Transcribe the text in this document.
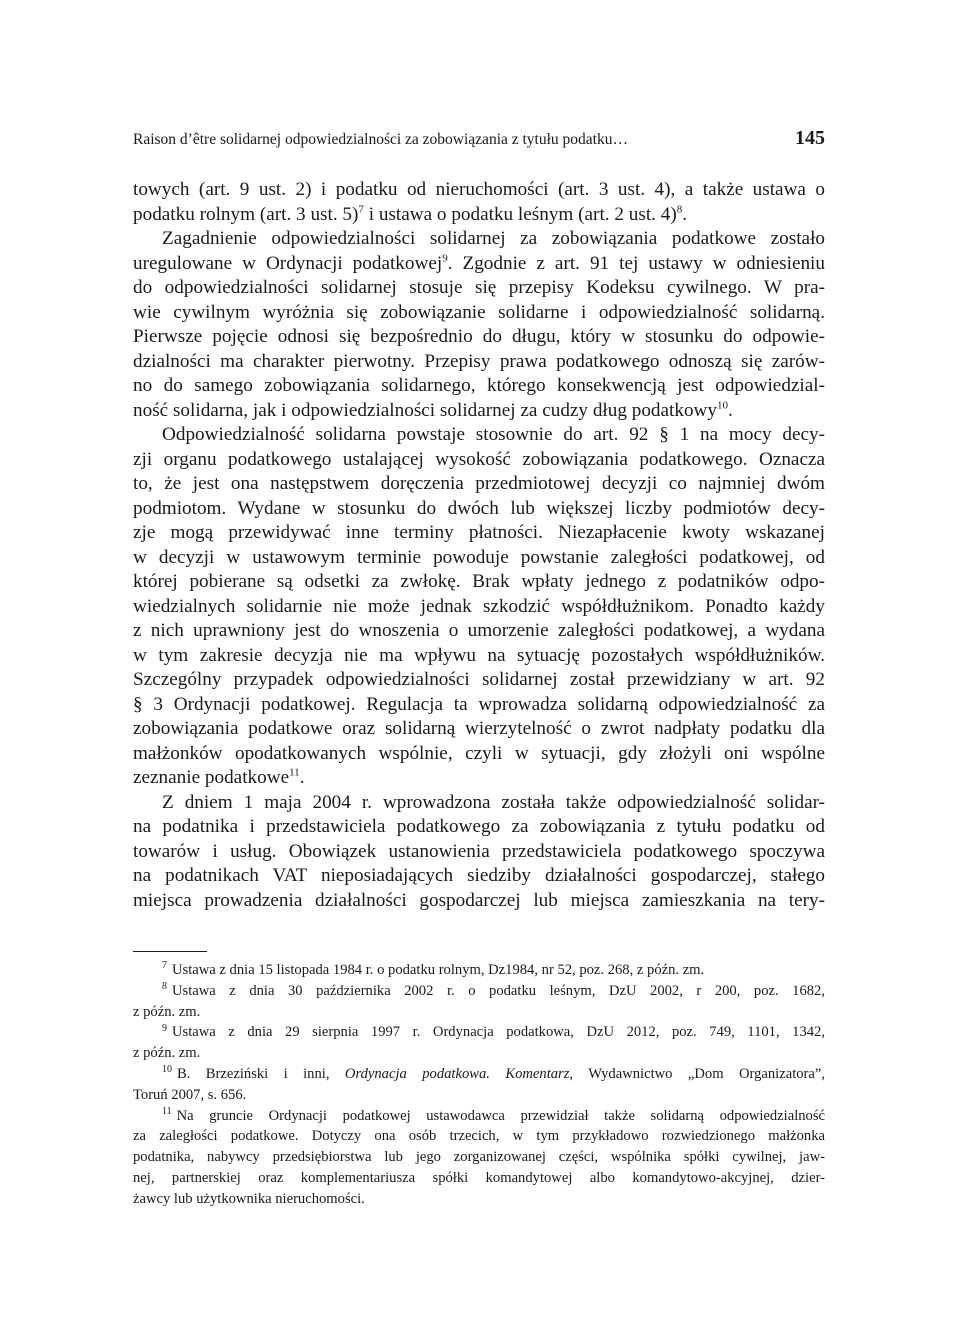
Raison d’être solidarnej odpowiedzialności za zobowiązania z tytułu podatku…	145
towych (art. 9 ust. 2) i podatku od nieruchomości (art. 3 ust. 4), a także ustawa o
podatku rolnym (art. 3 ust. 5)$^7$ i ustawa o podatku leśnym (art. 2 ust. 4)$^8$.
Zagadnienie odpowiedzialności solidarnej za zobowiązania podatkowe zostało
uregulowane w Ordynacji podatkowej$^9$. Zgodnie z art. 91 tej ustawy w odniesieniu
do odpowiedzialności solidarnej stosuje się przepisy Kodeksu cywilnego. W pra-
wie cywilnym wyróżnia się zobowiązanie solidarne i odpowiedzialność solidarną.
Pierwsze pojęcie odnosi się bezpośrednio do długu, który w stosunku do odpowie-
dzialności ma charakter pierwotny. Przepisy prawa podatkowego odnoszą się zarów-
no do samego zobowiązania solidarnego, którego konsekwencją jest odpowiedzial-
ność solidarna, jak i odpowiedzialności solidarnej za cudzy dług podatkowy$^{10}$.
Odpowiedzialność solidarna powstaje stosownie do art. 92 § 1 na mocy decy-
zji organu podatkowego ustalającej wysokość zobowiązania podatkowego. Oznacza
to, że jest ona następstwem doręczenia przedmiotowej decyzji co najmniej dwóm
podmiotom. Wydane w stosunku do dwóch lub większej liczby podmiotów decy-
zje mogą przewidywać inne terminy płatności. Niezapłacenie kwoty wskazanej
w decyzji w ustawowym terminie powoduje powstanie zaległości podatkowej, od
której pobierane są odsetki za zwłokę. Brak wpłaty jednego z podatników odpo-
wiedzialnych solidarnie nie może jednak szkodzić współdłużnikom. Ponadto każdy
z nich uprawniony jest do wnoszenia o umorzenie zaległości podatkowej, a wydana
w tym zakresie decyzja nie ma wpływu na sytuację pozostałych współdłużników.
Szczególny przypadek odpowiedzialności solidarnej został przewidziany w art. 92
§ 3 Ordynacji podatkowej. Regulacja ta wprowadza solidarną odpowiedzialność za
zobowiązania podatkowe oraz solidarną wierzytelność o zwrot nadpłaty podatku dla
małżonków opodatkowanych wspólnie, czyli w sytuacji, gdy złożyli oni wspólne
zeznanie podatkowe$^{11}$.
Z dniem 1 maja 2004 r. wprowadzona została także odpowiedzialność solidar-
na podatnika i przedstawiciela podatkowego za zobowiązania z tytułu podatku od
towarów i usług. Obowiązek ustanowienia przedstawiciela podatkowego spoczywa
na podatnikach VAT nieposiadających siedziby działalności gospodarczej, stałego
miejsca prowadzenia działalności gospodarczej lub miejsca zamieszkania na tery-
$^7$ Ustawa z dnia 15 listopada 1984 r. o podatku rolnym, Dz1984, nr 52, poz. 268, z późn. zm.
$^8$ Ustawa z dnia 30 października 2002 r. o podatku leśnym, DzU 2002, r 200, poz. 1682,
z późn. zm.
$^9$ Ustawa z dnia 29 sierpnia 1997 r. Ordynacja podatkowa, DzU 2012, poz. 749, 1101, 1342,
z późn. zm.
$^{10}$ B. Brzeziński i inni, Ordynacja podatkowa. Komentarz, Wydawnictwo „Dom Organizatora”,
Toruń 2007, s. 656.
$^{11}$ Na gruncie Ordynacji podatkowej ustawodawca przewidział także solidarną odpowiedzialność
za zaległości podatkowe. Dotyczy ona osób trzecich, w tym przykładowo rozwiedzionego małżonka
podatnika, nabywcy przedsiębiorstwa lub jego zorganizowanej części, wspólnika spółki cywilnej, jaw-
nej, partnerskiej oraz komplementariusza spółki komandytowej albo komandytowo-akcyjnej, dzier-
żawcy lub użytkownika nieruchomości.
